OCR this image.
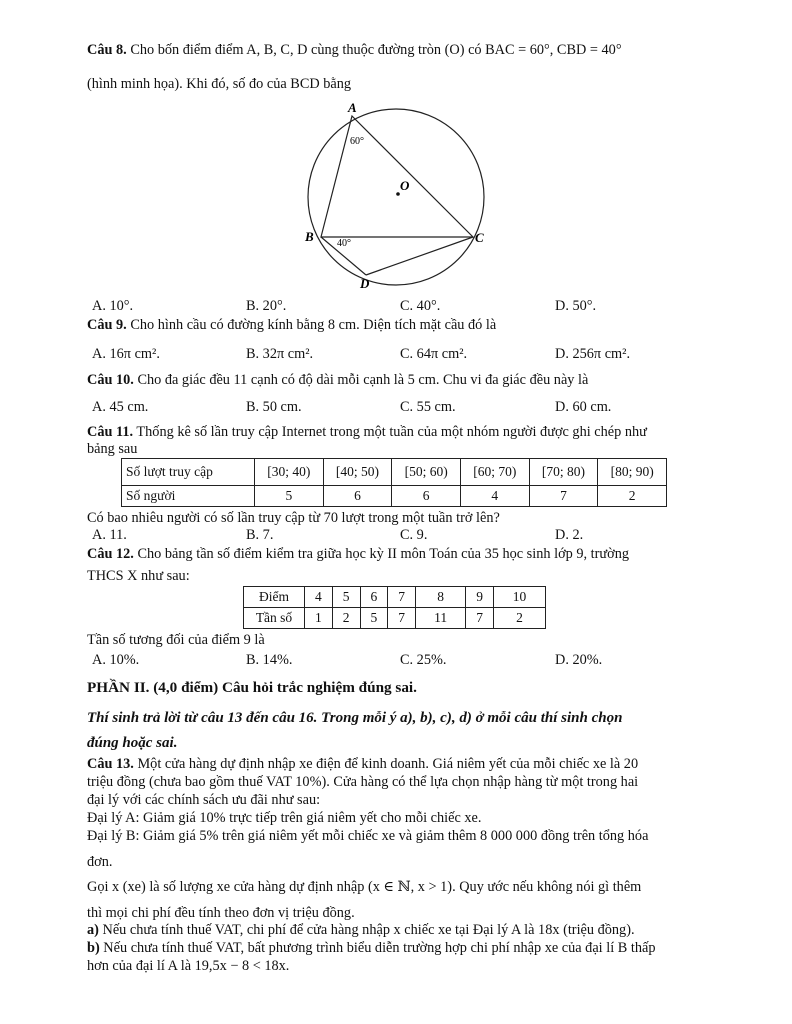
Câu 8. Cho bốn điểm điểm A, B, C, D cùng thuộc đường tròn (O) có BAC = 60°, CBD = 40°
(hình minh họa). Khi đó, số đo của BCD bằng
A
B	C
D
O
60°
40°
A. 10°.	B. 20°.	C. 40°.	D. 50°.
Câu 9. Cho hình cầu có đường kính bằng 8 cm. Diện tích mặt cầu đó là
A. 16π cm².	B. 32π cm².	C. 64π cm².	D. 256π cm².
Câu 10. Cho đa giác đều 11 cạnh có độ dài mỗi cạnh là 5 cm. Chu vi đa giác đều này là
A. 45 cm.	B. 50 cm.	C. 55 cm.	D. 60 cm.
Câu 11. Thống kê số lần truy cập Internet trong một tuần của một nhóm người được ghi chép như
bảng sau
Số lượt truy cập	[30; 40)	[40; 50)	[50; 60)	[60; 70)	[70; 80)	[80; 90)
Số người	5	6	6	4	7	2
Có bao nhiêu người có số lần truy cập từ 70 lượt trong một tuần trở lên?
A. 11.	B. 7.	C. 9.	D. 2.
Câu 12. Cho bảng tần số điểm kiểm tra giữa học kỳ II môn Toán của 35 học sinh lớp 9, trường
THCS X như sau:
Điểm	4	5	6	7	8	9	10
Tần số	1	2	5	7	11	7	2
Tần số tương đối của điểm 9 là
A. 10%.	B. 14%.	C. 25%.	D. 20%.
PHẦN II. (4,0 điểm) Câu hỏi trắc nghiệm đúng sai.
Thí sinh trả lời từ câu 13 đến câu 16. Trong mỗi ý a), b), c), d) ở mỗi câu thí sinh chọn
đúng hoặc sai.
Câu 13. Một cửa hàng dự định nhập xe điện để kinh doanh. Giá niêm yết của mỗi chiếc xe là 20
triệu đồng (chưa bao gồm thuế VAT 10%). Cửa hàng có thể lựa chọn nhập hàng từ một trong hai
đại lý với các chính sách ưu đãi như sau:
Đại lý A: Giảm giá 10% trực tiếp trên giá niêm yết cho mỗi chiếc xe.
Đại lý B: Giảm giá 5% trên giá niêm yết mỗi chiếc xe và giảm thêm 8 000 000 đồng trên tổng hóa
đơn.
Gọi x (xe) là số lượng xe cửa hàng dự định nhập (x ∈ ℕ, x > 1). Quy ước nếu không nói gì thêm
thì mọi chi phí đều tính theo đơn vị triệu đồng.
a) Nếu chưa tính thuế VAT, chi phí để cửa hàng nhập x chiếc xe tại Đại lý A là 18x (triệu đồng).
b) Nếu chưa tính thuế VAT, bất phương trình biểu diễn trường hợp chi phí nhập xe của đại lí B thấp
hơn của đại lí A là 19,5x − 8 < 18x.
